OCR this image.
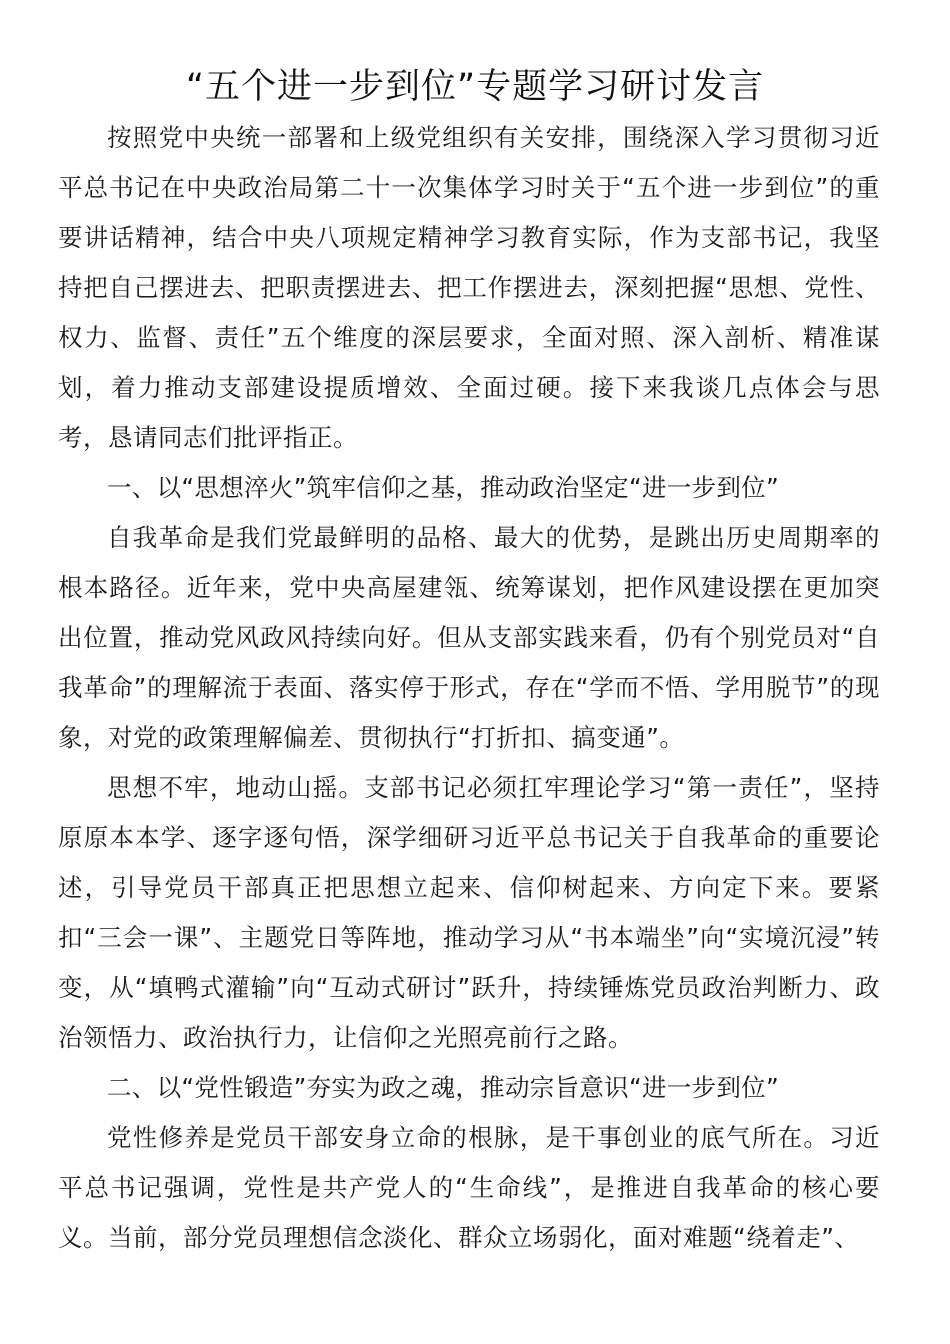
“五个进一步到位”专题学习研讨发言

按照党中央统一部署和上级党组织有关安排，围绕深入学习贯彻习近平总书记在中央政治局第二十一次集体学习时关于“五个进一步到位”的重要讲话精神，结合中央八项规定精神学习教育实际，作为支部书记，我坚持把自己摆进去、把职责摆进去、把工作摆进去，深刻把握“思想、党性、权力、监督、责任”五个维度的深层要求，全面对照、深入剖析、精准谋划，着力推动支部建设提质增效、全面过硬。接下来我谈几点体会与思考，恳请同志们批评指正。

一、以“思想淬火”筑牢信仰之基，推动政治坚定“进一步到位”

自我革命是我们党最鲜明的品格、最大的优势，是跳出历史周期率的根本路径。近年来，党中央高屋建瓴、统筹谋划，把作风建设摆在更加突出位置，推动党风政风持续向好。但从支部实践来看，仍有个别党员对“自我革命”的理解流于表面、落实停于形式，存在“学而不悟、学用脱节”的现象，对党的政策理解偏差、贯彻执行“打折扣、搞变通”。

思想不牢，地动山摇。支部书记必须扛牢理论学习“第一责任”，坚持原原本本学、逐字逐句悟，深学细研习近平总书记关于自我革命的重要论述，引导党员干部真正把思想立起来、信仰树起来、方向定下来。要紧扣“三会一课”、主题党日等阵地，推动学习从“书本端坐”向“实境沉浸”转变，从“填鸭式灌输”向“互动式研讨”跃升，持续锤炼党员政治判断力、政治领悟力、政治执行力，让信仰之光照亮前行之路。

二、以“党性锻造”夯实为政之魂，推动宗旨意识“进一步到位”

党性修养是党员干部安身立命的根脉，是干事创业的底气所在。习近平总书记强调，党性是共产党人的“生命线”，是推进自我革命的核心要义。当前，部分党员理想信念淡化、群众立场弱化，面对难题“绕着走”、
